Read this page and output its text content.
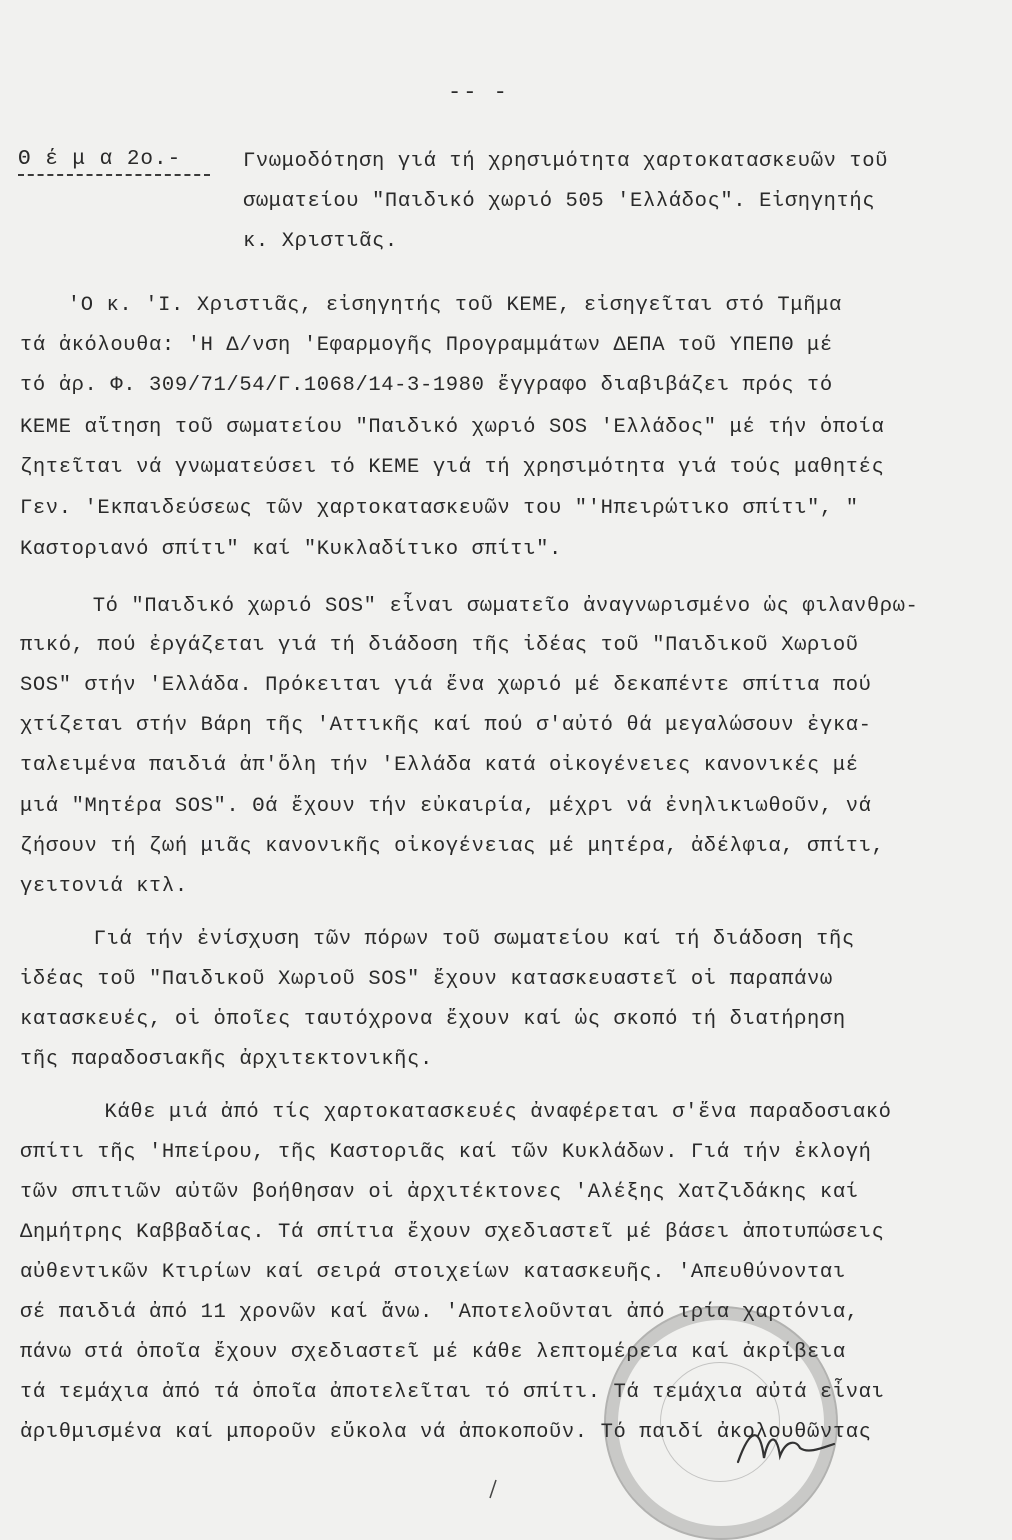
-- -
Θ έ μ α 2ο.-	Γνωμοδότηση γιά τή χρησιμότητα χαρτοκατασκευῶν τοῦ
σωματείου "Παιδικό χωριό 505 'Ελλάδος". Εἰσηγητής
κ. Χριστιᾶς.
'Ο κ. 'Ι. Χριστιᾶς, εἰσηγητής τοῦ ΚΕΜΕ, εἰσηγεῖται στό Τμῆμα
τά ἀκόλουθα: 'Η Δ/νση 'Εφαρμογῆς Προγραμμάτων ΔΕΠΑ τοῦ ΥΠΕΠΘ μέ
τό ἀρ. Φ. 309/71/54/Γ.1068/14-3-1980 ἔγγραφο διαβιβάζει πρός τό
ΚΕΜΕ αἴτηση τοῦ σωματείου "Παιδικό χωριό SOS 'Ελλάδος" μέ τήν ὁποία
ζητεῖται νά γνωματεύσει τό ΚΕΜΕ γιά τή χρησιμότητα γιά τούς μαθητές
Γεν. 'Εκπαιδεύσεως τῶν χαρτοκατασκευῶν του "'Ηπειρώτικο σπίτι", "
Καστοριανό σπίτι" καί "Κυκλαδίτικο σπίτι".
Τό "Παιδικό χωριό SOS" εἶναι σωματεῖο ἀναγνωρισμένο ὡς φιλανθρω-
πικό, πού ἐργάζεται γιά τή διάδοση τῆς ἰδέας τοῦ "Παιδικοῦ Χωριοῦ
SOS" στήν 'Ελλάδα. Πρόκειται γιά ἕνα χωριό μέ δεκαπέντε σπίτια πού
χτίζεται στήν Βάρη τῆς 'Αττικῆς καί πού σ'αὐτό θά μεγαλώσουν ἐγκα-
ταλειμένα παιδιά ἀπ'ὅλη τήν 'Ελλάδα κατά οἰκογένειες κανονικές μέ
μιά "Μητέρα SOS". Θά ἔχουν τήν εὐκαιρία, μέχρι νά ἐνηλικιωθοῦν, νά
ζήσουν τή ζωή μιᾶς κανονικῆς οἰκογένειας μέ μητέρα, ἀδέλφια, σπίτι,
γειτονιά κτλ.
Γιά τήν ἐνίσχυση τῶν πόρων τοῦ σωματείου καί τή διάδοση τῆς
ἰδέας τοῦ "Παιδικοῦ Χωριοῦ SOS" ἔχουν κατασκευαστεῖ οἱ παραπάνω
κατασκευές, οἱ ὁποῖες ταυτόχρονα ἔχουν καί ὡς σκοπό τή διατήρηση
τῆς παραδοσιακῆς ἀρχιτεκτονικῆς.
Κάθε μιά ἀπό τίς χαρτοκατασκευές ἀναφέρεται σ'ἕνα παραδοσιακό
σπίτι τῆς 'Ηπείρου, τῆς Καστοριᾶς καί τῶν Κυκλάδων. Γιά τήν ἐκλογή
τῶν σπιτιῶν αὐτῶν βοήθησαν οἱ ἀρχιτέκτονες 'Αλέξης Χατζιδάκης καί
Δημήτρης Καββαδίας. Τά σπίτια ἔχουν σχεδιαστεῖ μέ βάσει ἀποτυπώσεις
αὐθεντικῶν Κτιρίων καί σειρά στοιχείων κατασκευῆς. 'Απευθύνονται
σέ παιδιά ἀπό 11 χρονῶν καί ἄνω. 'Αποτελοῦνται ἀπό τρία χαρτόνια,
πάνω στά ὁποῖα ἔχουν σχεδιαστεῖ μέ κάθε λεπτομέρεια καί ἀκρίβεια
τά τεμάχια ἀπό τά ὁποῖα ἀποτελεῖται τό σπίτι. Τά τεμάχια αὐτά εἶναι
ἀριθμισμένα καί μποροῦν εὔκολα νά ἀποκοποῦν. Τό παιδί ἀκολουθῶντας
